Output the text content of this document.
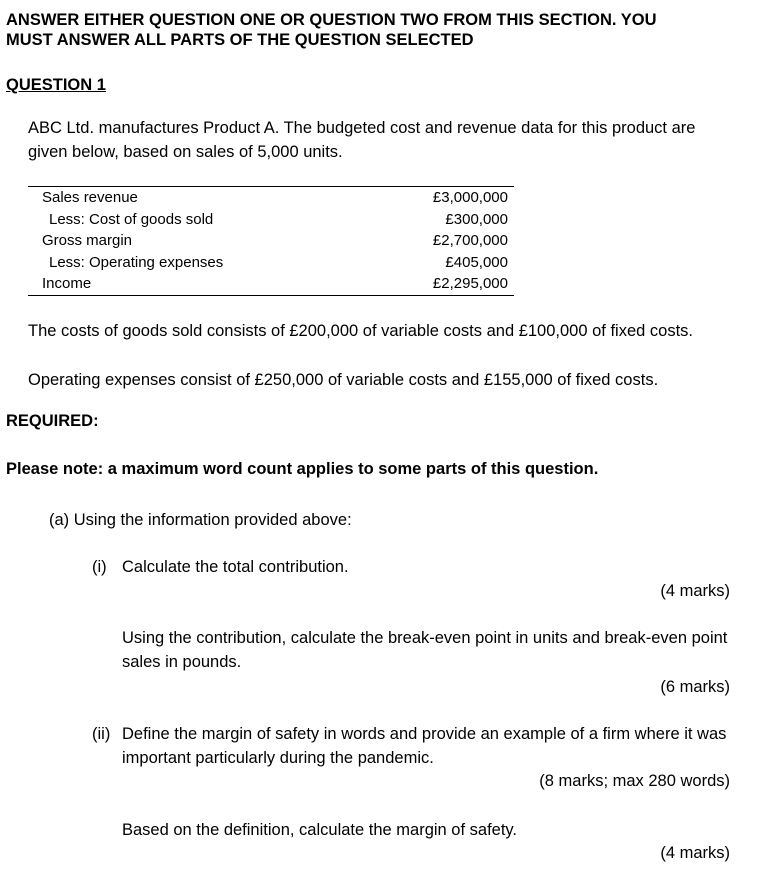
ANSWER EITHER QUESTION ONE OR QUESTION TWO FROM THIS SECTION. YOU
MUST ANSWER ALL PARTS OF THE QUESTION SELECTED
QUESTION 1

ABC Ltd. manufactures Product A. The budgeted cost and revenue data for this product are given below, based on sales of 5,000 units.

Sales revenue	£3,000,000
Less: Cost of goods sold	£300,000
Gross margin	£2,700,000
Less: Operating expenses	£405,000
Income	£2,295,000

The costs of goods sold consists of £200,000 of variable costs and £100,000 of fixed costs.

Operating expenses consist of £250,000 of variable costs and £155,000 of fixed costs.

REQUIRED:
Please note: a maximum word count applies to some parts of this question.
(a) Using the information provided above:
(i) Calculate the total contribution.
(4 marks)
Using the contribution, calculate the break-even point in units and break-even point sales in pounds.
(6 marks)
(ii) Define the margin of safety in words and provide an example of a firm where it was important particularly during the pandemic.
(8 marks; max 280 words)
Based on the definition, calculate the margin of safety.
(4 marks)
